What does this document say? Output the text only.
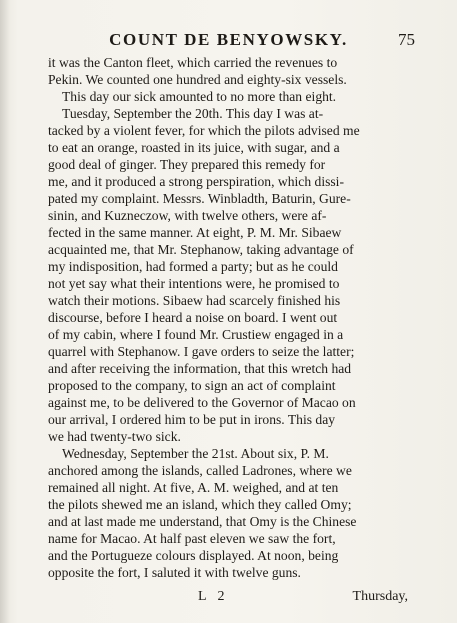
COUNT DE BENYOWSKY.	75

it was the Canton fleet, which carried the revenues to

Pekin. We counted one hundred and eighty-six vessels.

This day our sick amounted to no more than eight.

Tuesday, September the 20th. This day I was at-

tacked by a violent fever, for which the pilots advised me

to eat an orange, roasted in its juice, with sugar, and a

good deal of ginger. They prepared this remedy for

me, and it produced a strong perspiration, which dissi-

pated my complaint. Messrs. Winbladth, Baturin, Gure-

sinin, and Kuzneczow, with twelve others, were af-

fected in the same manner. At eight, P. M. Mr. Sibaew

acquainted me, that Mr. Stephanow, taking advantage of

my indisposition, had formed a party; but as he could

not yet say what their intentions were, he promised to

watch their motions. Sibaew had scarcely finished his

discourse, before I heard a noise on board. I went out

of my cabin, where I found Mr. Crustiew engaged in a

quarrel with Stephanow. I gave orders to seize the latter;

and after receiving the information, that this wretch had

proposed to the company, to sign an act of complaint

against me, to be delivered to the Governor of Macao on

our arrival, I ordered him to be put in irons. This day

we had twenty-two sick.

Wednesday, September the 21st. About six, P. M.

anchored among the islands, called Ladrones, where we

remained all night. At five, A. M. weighed, and at ten

the pilots shewed me an island, which they called Omy;

and at last made me understand, that Omy is the Chinese

name for Macao. At half past eleven we saw the fort,

and the Portugueze colours displayed. At noon, being

opposite the fort, I saluted it with twelve guns.

L 2	Thursday,
